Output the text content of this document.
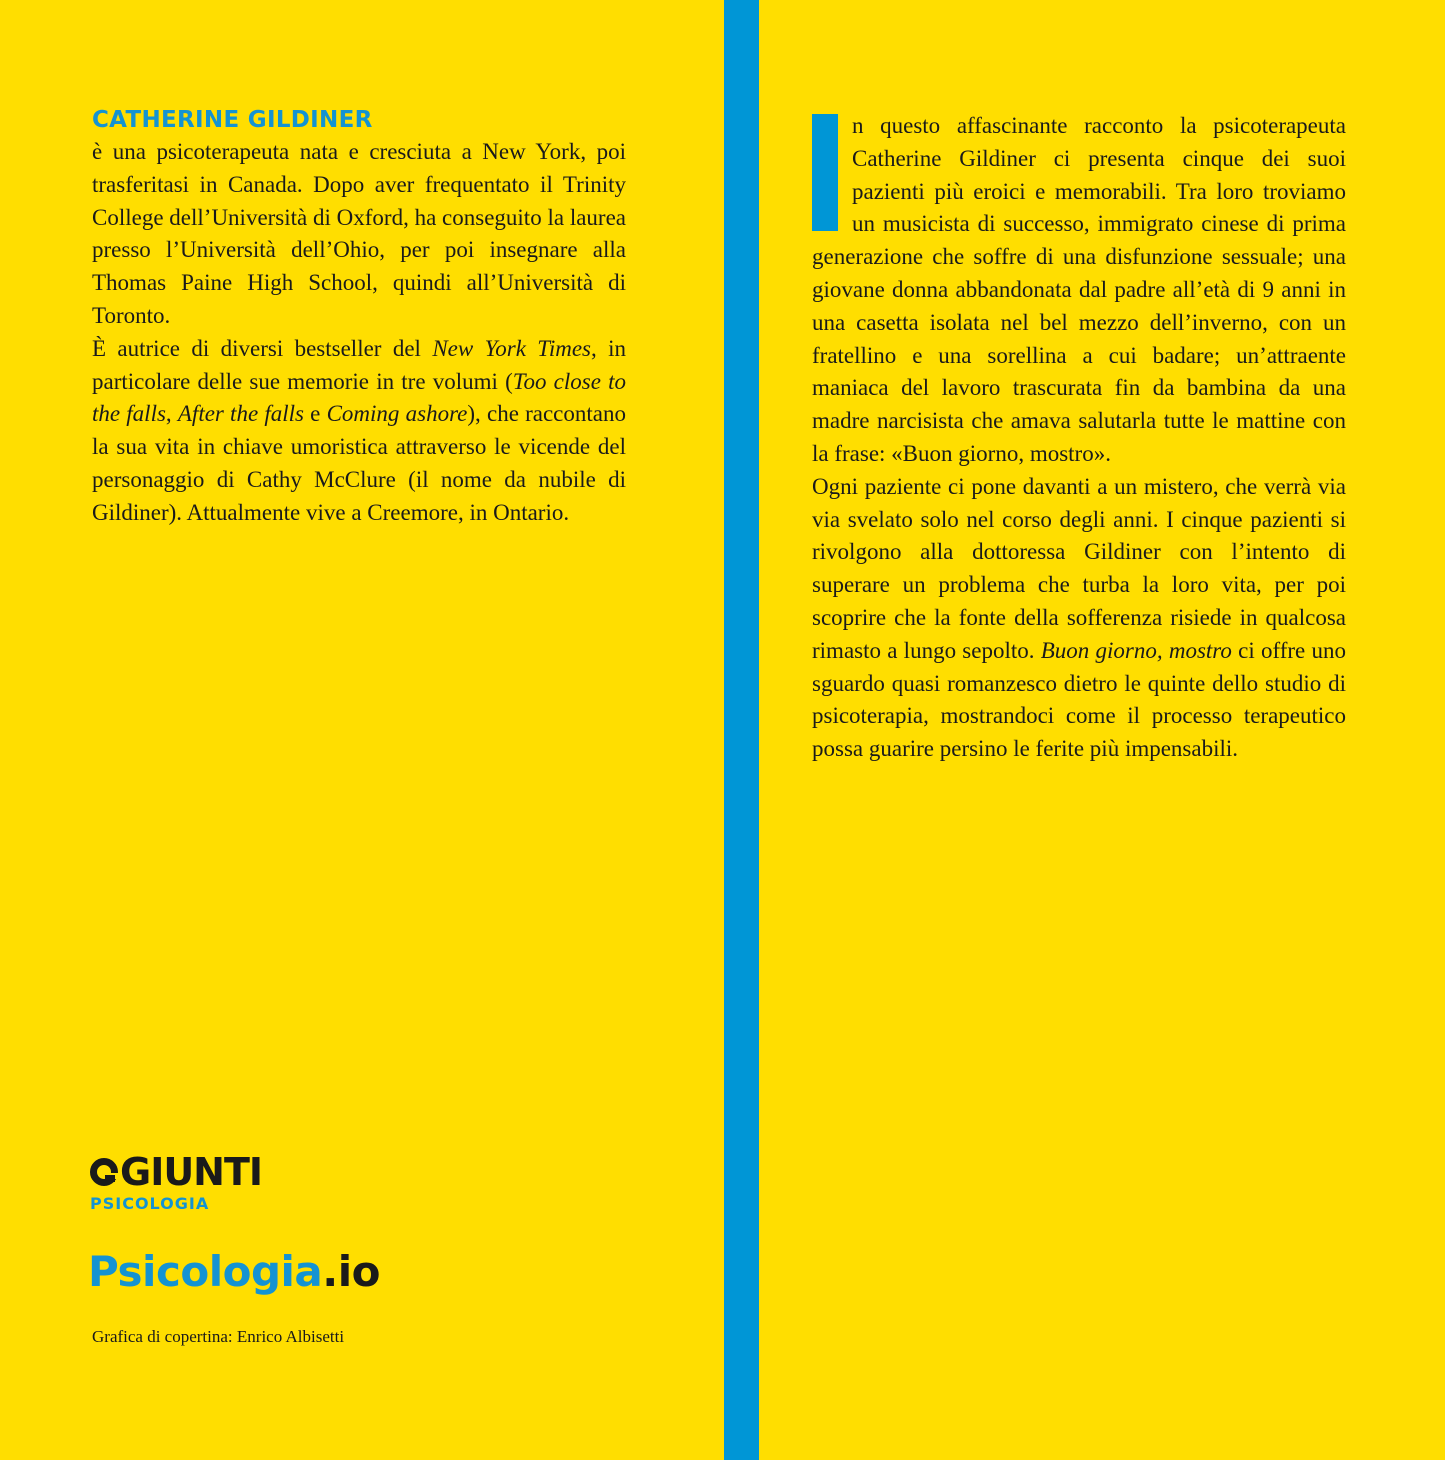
CATHERINE GILDINER

è una psicoterapeuta nata e cresciuta a New York, poi trasferitasi in Canada. Dopo aver frequentato il Trinity College dell’Università di Oxford, ha conseguito la laurea presso l’Università dell’Ohio, per poi insegnare alla Thomas Paine High School, quindi all’Università di Toronto.

È autrice di diversi bestseller del New York Times, in particolare delle sue memorie in tre volumi (Too close to the falls, After the falls e Coming ashore), che raccontano la sua vita in chiave umoristica attraverso le vicende del personaggio di Cathy McClure (il nome da nubile di Gildiner). Attualmente vive a Creemore, in Ontario.

n questo affascinante racconto la psicoterapeuta Catherine Gildiner ci presenta cinque dei suoi pazienti più eroici e memorabili. Tra loro troviamo un musicista di successo, immigrato cinese di prima generazione che soffre di una disfunzione sessuale; una giovane donna abbandonata dal padre all’età di 9 anni in una casetta isolata nel bel mezzo dell’inverno, con un fratellino e una sorellina a cui badare; un’attraente maniaca del lavoro trascurata fin da bambina da una madre narcisista che amava salutarla tutte le mattine con la frase: «Buon giorno, mostro».

Ogni paziente ci pone davanti a un mistero, che verrà via via svelato solo nel corso degli anni. I cinque pazienti si rivolgono alla dottoressa Gildiner con l’intento di superare un problema che turba la loro vita, per poi scoprire che la fonte della sofferenza risiede in qualcosa rimasto a lungo sepolto. Buon giorno, mostro ci offre uno sguardo quasi romanzesco dietro le quinte dello studio di psicoterapia, mostrandoci come il processo terapeutico possa guarire persino le ferite più impensabili.

GIUNTI
PSICOLOGIA
Psicologia.io
Grafica di copertina: Enrico Albisetti
